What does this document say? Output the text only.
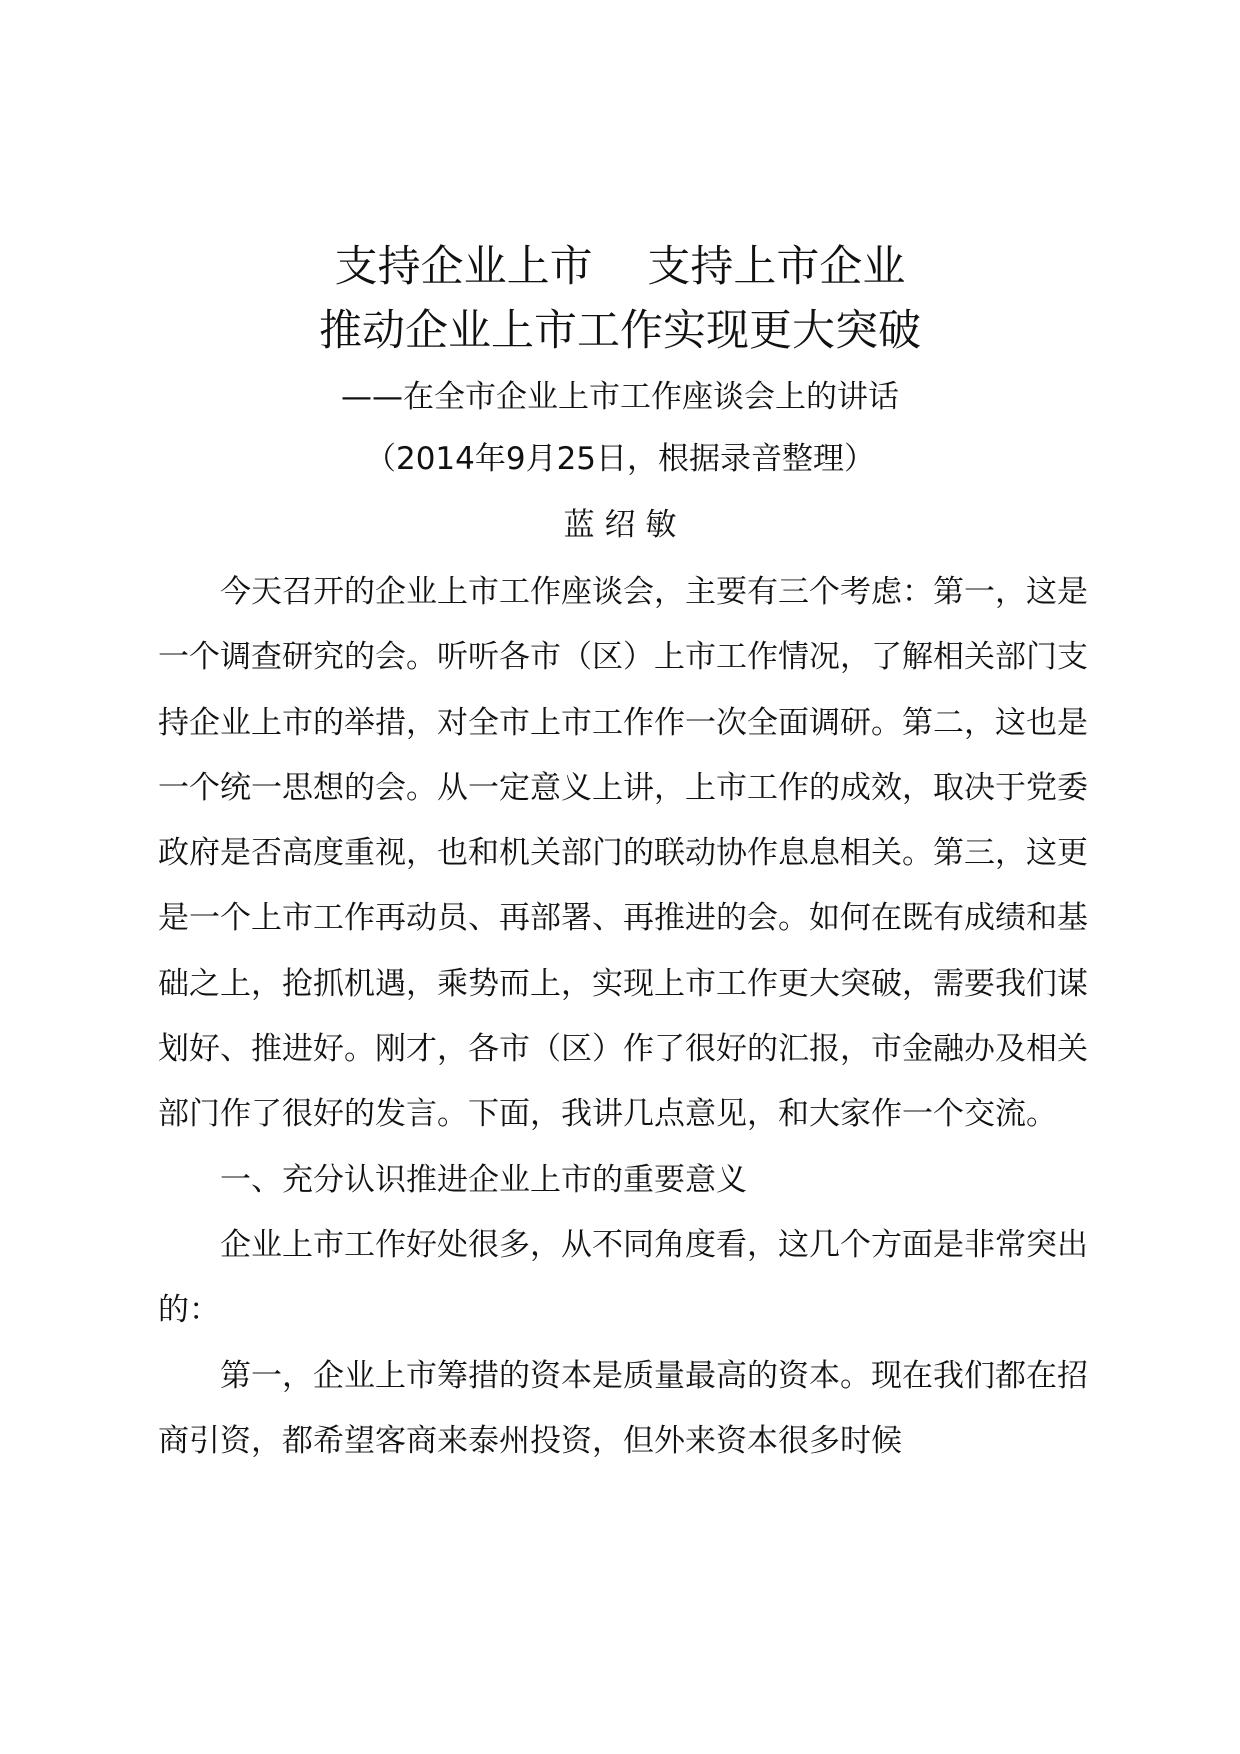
支持企业上市    支持上市企业
推动企业上市工作实现更大突破
——在全市企业上市工作座谈会上的讲话
（2014年9月25日，根据录音整理）
蓝 绍 敏

今天召开的企业上市工作座谈会，主要有三个考虑：第一，这是一个调查研究的会。听听各市（区）上市工作情况，了解相关部门支持企业上市的举措，对全市上市工作作一次全面调研。第二，这也是一个统一思想的会。从一定意义上讲，上市工作的成效，取决于党委政府是否高度重视，也和机关部门的联动协作息息相关。第三，这更是一个上市工作再动员、再部署、再推进的会。如何在既有成绩和基础之上，抢抓机遇，乘势而上，实现上市工作更大突破，需要我们谋划好、推进好。刚才，各市（区）作了很好的汇报，市金融办及相关部门作了很好的发言。下面，我讲几点意见，和大家作一个交流。

一、充分认识推进企业上市的重要意义

企业上市工作好处很多，从不同角度看，这几个方面是非常突出的：

第一，企业上市筹措的资本是质量最高的资本。现在我们都在招商引资，都希望客商来泰州投资，但外来资本很多时候
